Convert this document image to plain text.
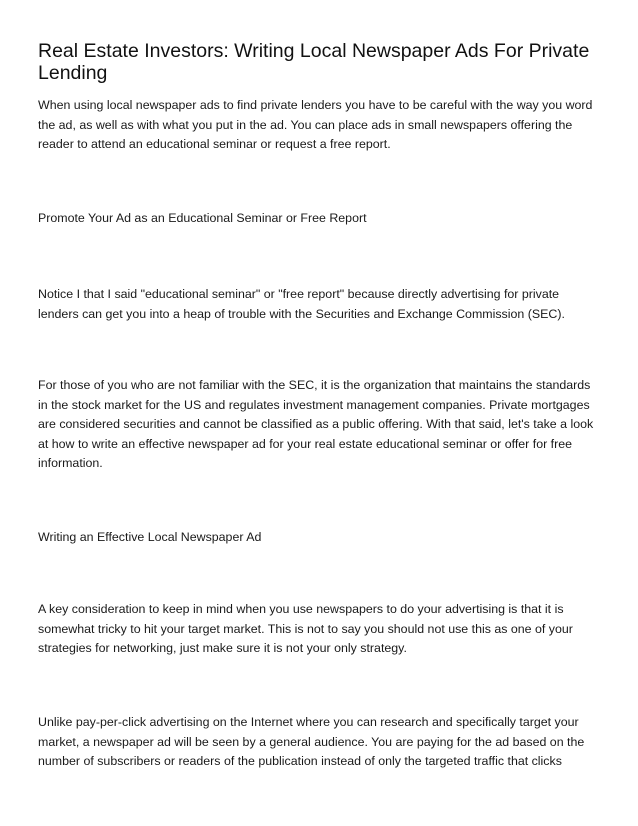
Real Estate Investors: Writing Local Newspaper Ads For Private
Lending

When using local newspaper ads to find private lenders you have to be careful with the way you word
the ad, as well as with what you put in the ad. You can place ads in small newspapers offering the
reader to attend an educational seminar or request a free report.

Promote Your Ad as an Educational Seminar or Free Report

Notice I that I said "educational seminar" or "free report" because directly advertising for private
lenders can get you into a heap of trouble with the Securities and Exchange Commission (SEC).

For those of you who are not familiar with the SEC, it is the organization that maintains the standards
in the stock market for the US and regulates investment management companies. Private mortgages
are considered securities and cannot be classified as a public offering. With that said, let's take a look
at how to write an effective newspaper ad for your real estate educational seminar or offer for free
information.

Writing an Effective Local Newspaper Ad

A key consideration to keep in mind when you use newspapers to do your advertising is that it is
somewhat tricky to hit your target market. This is not to say you should not use this as one of your
strategies for networking, just make sure it is not your only strategy.

Unlike pay-per-click advertising on the Internet where you can research and specifically target your
market, a newspaper ad will be seen by a general audience. You are paying for the ad based on the
number of subscribers or readers of the publication instead of only the targeted traffic that clicks
